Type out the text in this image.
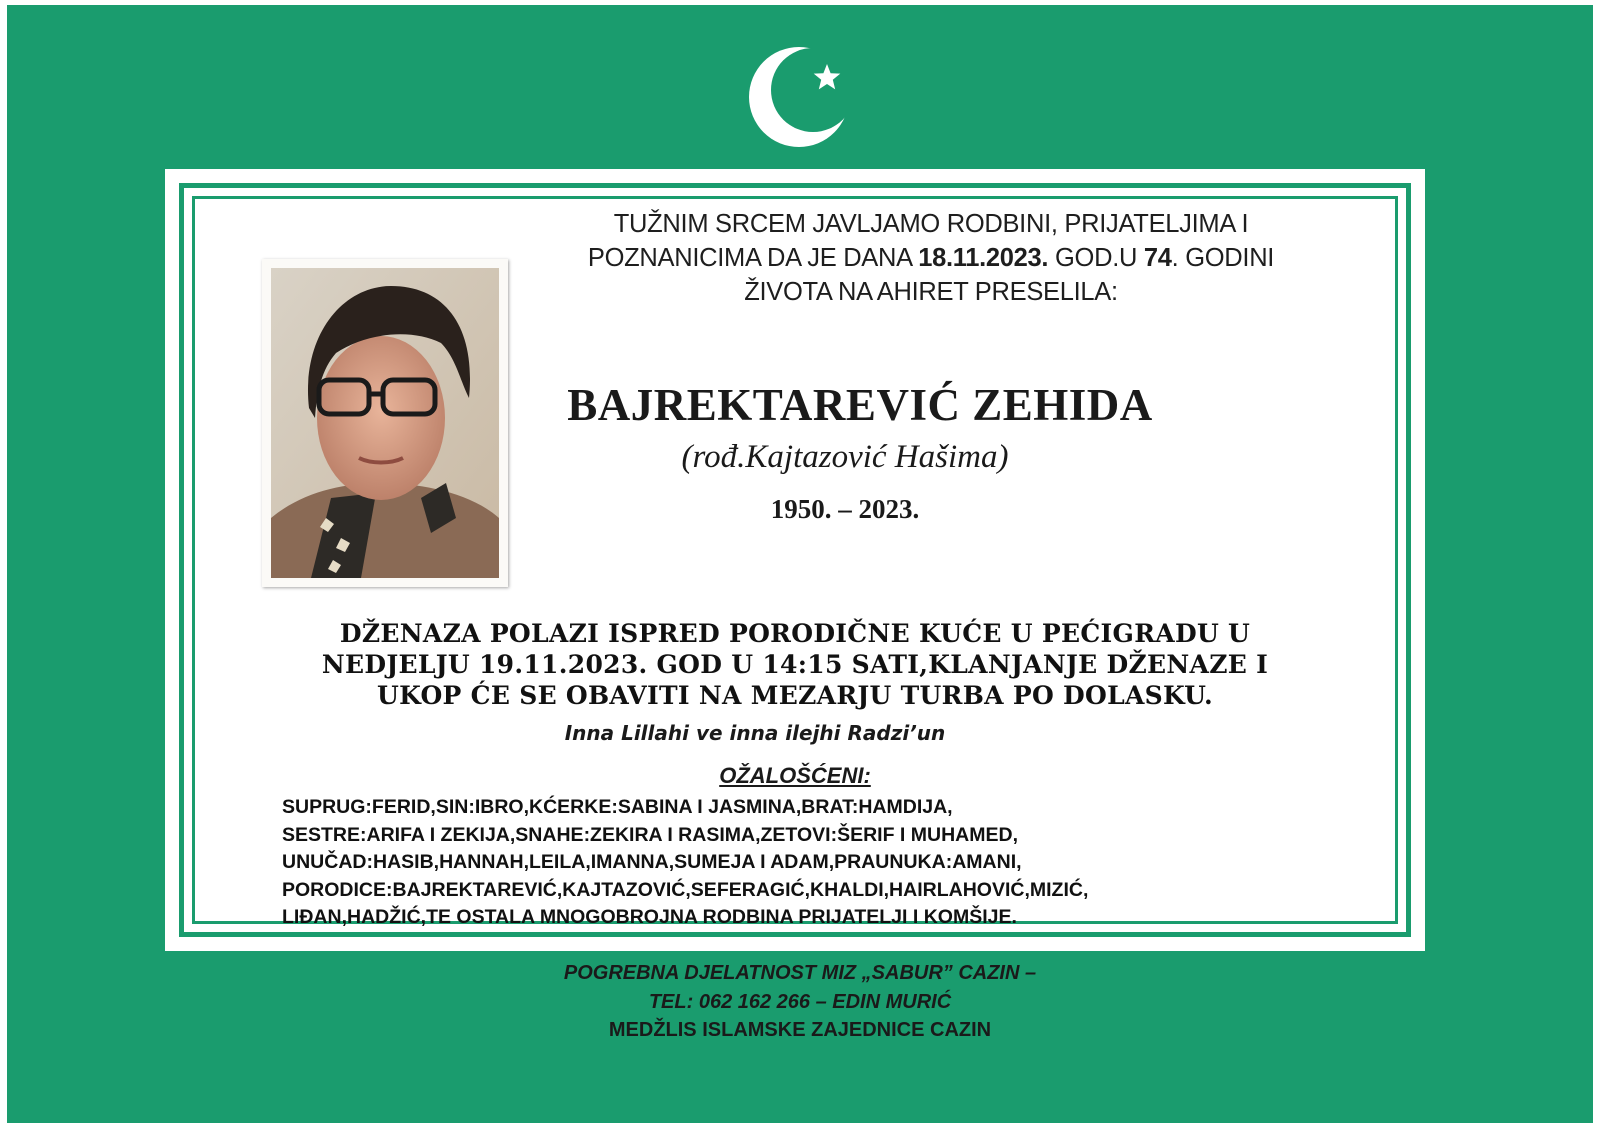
TUŽNIM SRCEM JAVLJAMO RODBINI, PRIJATELJIMA I
POZNANICIMA DA JE DANA 18.11.2023. GOD.U 74. GODINI
ŽIVOTA NA AHIRET PRESELILA:
BAJREKTAREVIĆ ZEHIDA
(rođ.Kajtazović Hašima)
1950. – 2023.
DŽENAZA POLAZI ISPRED PORODIČNE KUĆE U PEĆIGRADU U
NEDJELJU 19.11.2023. GOD U 14:15 SATI,KLANJANJE DŽENAZE I
UKOP ĆE SE OBAVITI NA MEZARJU TURBA PO DOLASKU.
Inna Lillahi ve inna ilejhi Radzi’un
OŽALOŠĆENI:
SUPRUG:FERID,SIN:IBRO,KĆERKE:SABINA I JASMINA,BRAT:HAMDIJA,
SESTRE:ARIFA I ZEKIJA,SNAHE:ZEKIRA I RASIMA,ZETOVI:ŠERIF I MUHAMED,
UNUČAD:HASIB,HANNAH,LEILA,IMANNA,SUMEJA I ADAM,PRAUNUKA:AMANI,
PORODICE:BAJREKTAREVIĆ,KAJTAZOVIĆ,SEFERAGIĆ,KHALDI,HAIRLAHOVIĆ,MIZIĆ,
LIĐAN,HADŽIĆ,TE OSTALA MNOGOBROJNA RODBINA PRIJATELJI I KOMŠIJE.
POGREBNA DJELATNOST MIZ „SABUR” CAZIN –
TEL: 062 162 266 – EDIN MURIĆ
MEDŽLIS ISLAMSKE ZAJEDNICE CAZIN
